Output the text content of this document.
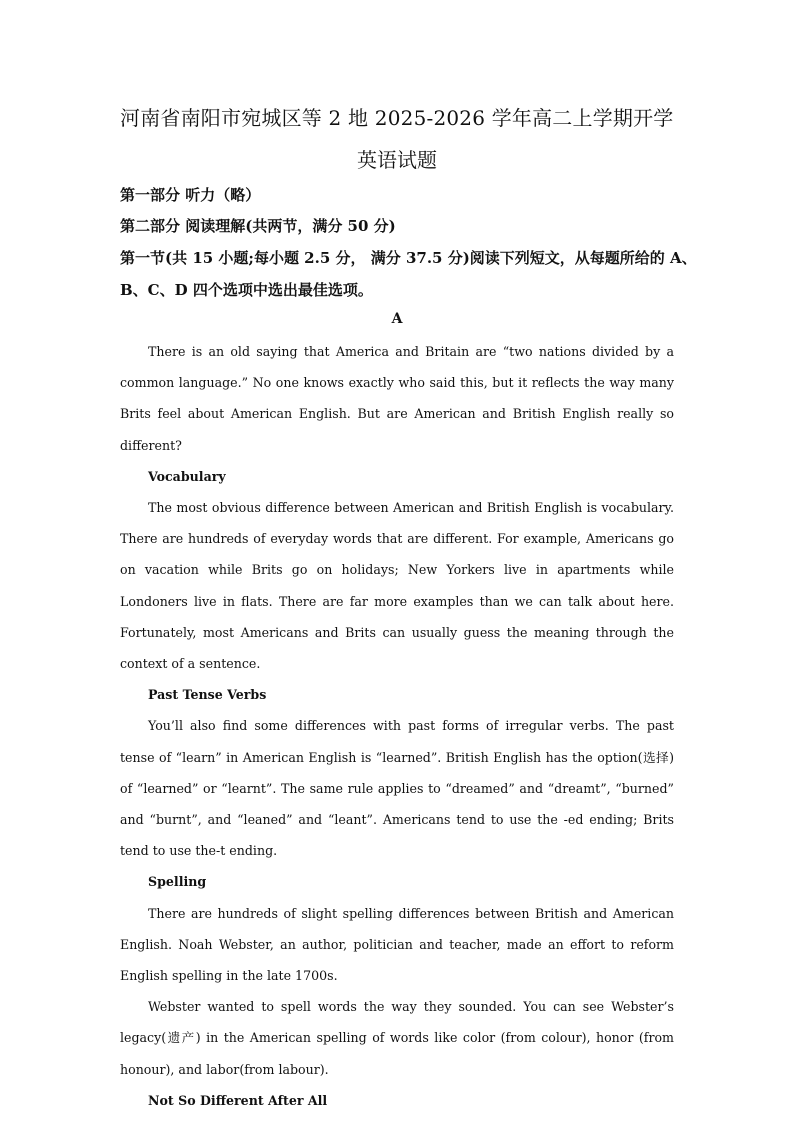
河南省南阳市宛城区等 2 地 2025-2026 学年高二上学期开学
英语试题
第一部分 听力（略）
第二部分 阅读理解(共两节，满分 50 分)
第一节(共 15 小题;每小题 2.5 分， 满分 37.5 分)阅读下列短文，从每题所给的 A、
B、C、D 四个选项中选出最佳选项。
A

There is an old saying that America and Britain are “two nations divided by a common language.” No one knows exactly who said this, but it reflects the way many Brits feel about American English. But are American and British English really so different?

Vocabulary

The most obvious difference between American and British English is vocabulary. There are hundreds of everyday words that are different. For example, Americans go on vacation while Brits go on holidays; New Yorkers live in apartments while Londoners live in flats. There are far more examples than we can talk about here. Fortunately, most Americans and Brits can usually guess the meaning through the context of a sentence.

Past Tense Verbs

You’ll also find some differences with past forms of irregular verbs. The past tense of “learn” in American English is “learned”. British English has the option(选择) of “learned” or “learnt”. The same rule applies to “dreamed” and “dreamt”, “burned” and “burnt”, and “leaned” and “leant”. Americans tend to use the -ed ending; Brits tend to use the-t ending.

Spelling

There are hundreds of slight spelling differences between British and American English. Noah Webster, an author, politician and teacher, made an effort to reform English spelling in the late 1700s.

Webster wanted to spell words the way they sounded. You can see Webster’s legacy(遗产) in the American spelling of words like color (from colour), honor (from honour), and labor(from labour).

Not So Different After All
